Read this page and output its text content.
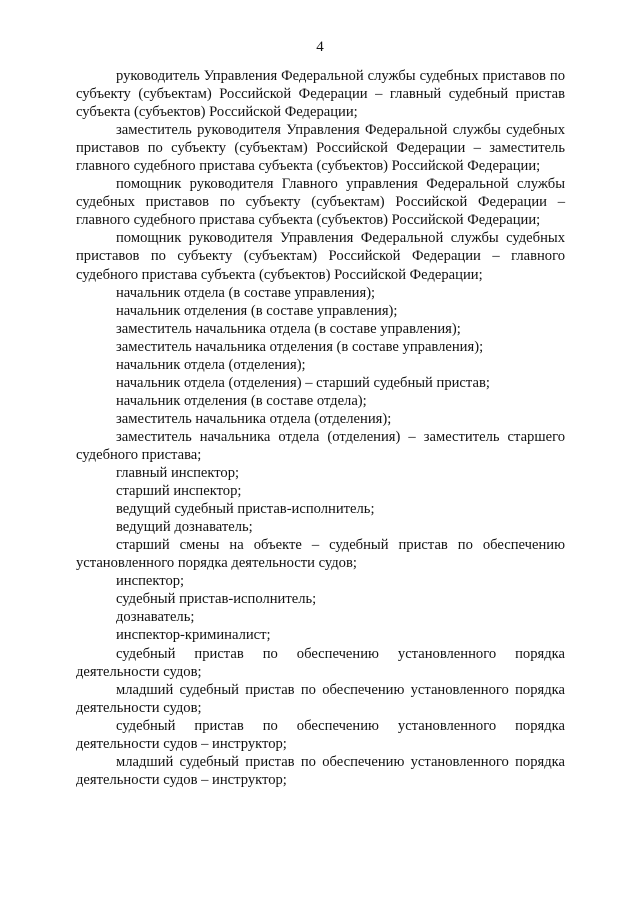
4

руководитель Управления Федеральной службы судебных приставов по субъекту (субъектам) Российской Федерации – главный судебный пристав субъекта (субъектов) Российской Федерации;

заместитель руководителя Управления Федеральной службы судебных приставов по субъекту (субъектам) Российской Федерации – заместитель главного судебного пристава субъекта (субъектов) Российской Федерации;

помощник руководителя Главного управления Федеральной службы судебных приставов по субъекту (субъектам) Российской Федерации – главного судебного пристава субъекта (субъектов) Российской Федерации;

помощник руководителя Управления Федеральной службы судебных приставов по субъекту (субъектам) Российской Федерации – главного судебного пристава субъекта (субъектов) Российской Федерации;

начальник отдела (в составе управления);

начальник отделения (в составе управления);

заместитель начальника отдела (в составе управления);

заместитель начальника отделения (в составе управления);

начальник отдела (отделения);

начальник отдела (отделения) – старший судебный пристав;

начальник отделения (в составе отдела);

заместитель начальника отдела (отделения);

заместитель начальника отдела (отделения) – заместитель старшего судебного пристава;

главный инспектор;

старший инспектор;

ведущий судебный пристав-исполнитель;

ведущий дознаватель;

старший смены на объекте – судебный пристав по обеспечению установленного порядка деятельности судов;

инспектор;

судебный пристав-исполнитель;

дознаватель;

инспектор-криминалист;

судебный пристав по обеспечению установленного порядка деятельности судов;

младший судебный пристав по обеспечению установленного порядка деятельности судов;

судебный пристав по обеспечению установленного порядка деятельности судов – инструктор;

младший судебный пристав по обеспечению установленного порядка деятельности судов – инструктор;
